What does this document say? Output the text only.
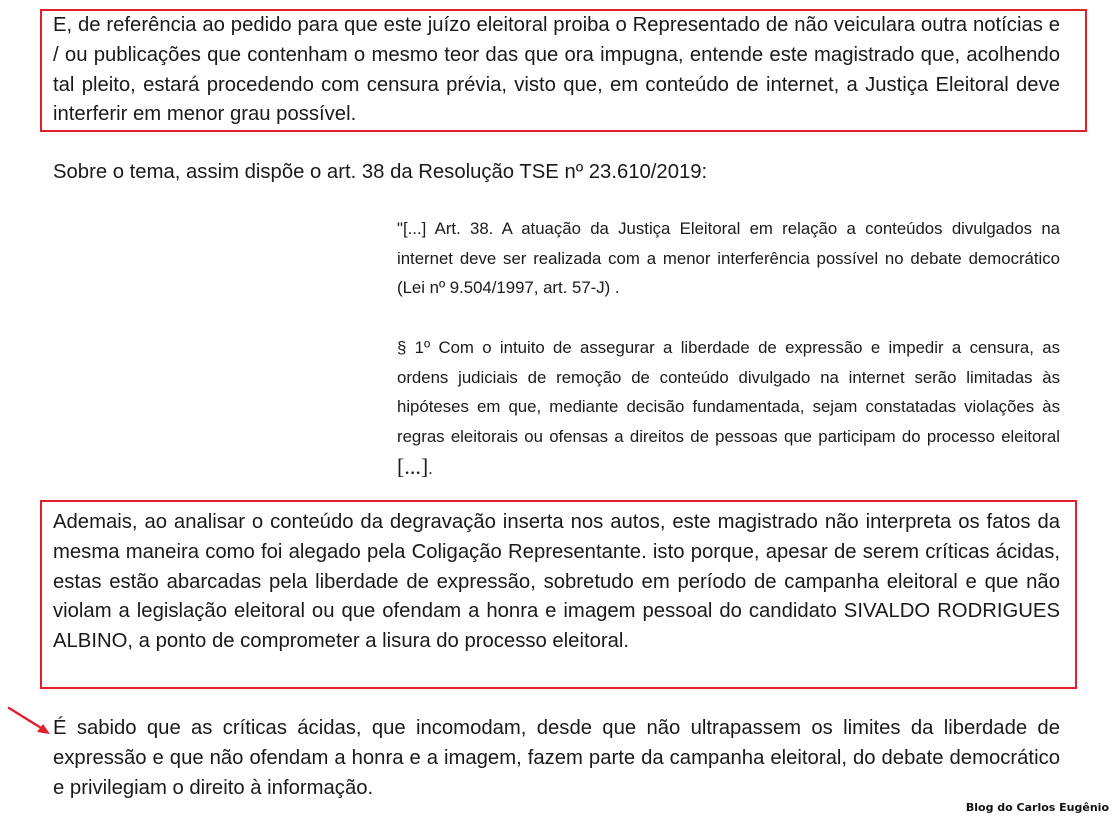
E, de referência ao pedido para que este juízo eleitoral proiba o Representado de não veiculara outra notícias e / ou publicações que contenham o mesmo teor das que ora impugna, entende este magistrado que, acolhendo tal pleito, estará procedendo com censura prévia, visto que, em conteúdo de internet, a Justiça Eleitoral deve interferir em menor grau possível.
Sobre o tema, assim dispõe o art. 38 da Resolução TSE nº 23.610/2019:
"[...] Art. 38. A atuação da Justiça Eleitoral em relação a conteúdos divulgados na internet deve ser realizada com a menor interferência possível no debate democrático (Lei nº 9.504/1997, art. 57-J) .
§ 1º Com o intuito de assegurar a liberdade de expressão e impedir a censura, as ordens judiciais de remoção de conteúdo divulgado na internet serão limitadas às hipóteses em que, mediante decisão fundamentada, sejam constatadas violações às regras eleitorais ou ofensas a direitos de pessoas que participam do processo eleitoral [...].
Ademais, ao analisar o conteúdo da degravação inserta nos autos, este magistrado não interpreta os fatos da mesma maneira como foi alegado pela Coligação Representante. isto porque, apesar de serem críticas ácidas, estas estão abarcadas pela liberdade de expressão, sobretudo em período de campanha eleitoral e que não violam a legislação eleitoral ou que ofendam a honra e imagem pessoal do candidato SIVALDO RODRIGUES ALBINO, a ponto de comprometer a lisura do processo eleitoral.
É sabido que as críticas ácidas, que incomodam, desde que não ultrapassem os limites da liberdade de expressão e que não ofendam a honra e a imagem, fazem parte da campanha eleitoral, do debate democrático e privilegiam o direito à informação.
Blog do Carlos Eugênio
